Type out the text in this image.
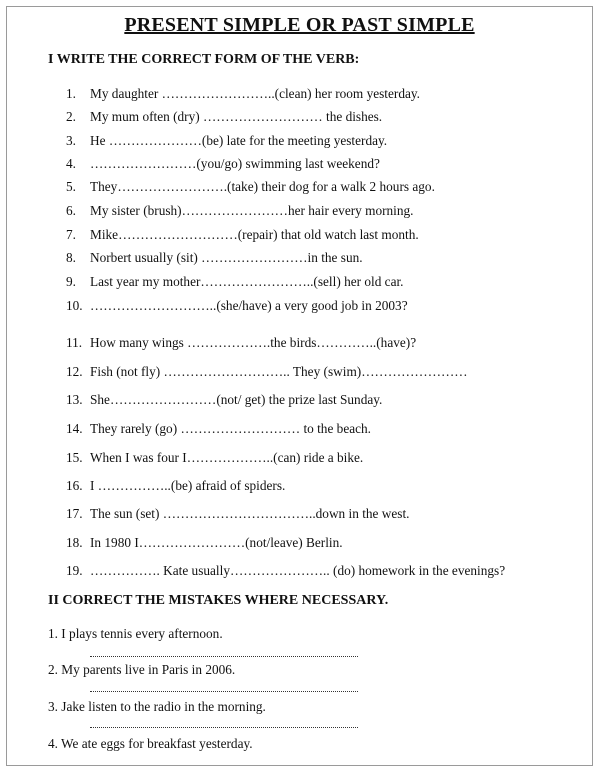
PRESENT SIMPLE OR PAST SIMPLE
I WRITE THE CORRECT FORM OF THE VERB:
1. My daughter ……………………..(clean) her room yesterday.
2. My mum often (dry) ……………………… the dishes.
3. He …………………(be) late for the meeting yesterday.
4. ……………………(you/go) swimming last weekend?
5. They…………………….(take) their dog for a walk 2 hours ago.
6. My sister (brush)……………………her hair every morning.
7. Mike………………………(repair) that old watch last month.
8. Norbert usually (sit) ……………………in the sun.
9. Last year my mother……………………..(sell) her old car.
10. ………………………..(she/have) a very good job in 2003?
11. How many wings ……………….the birds…………..(have)?
12. Fish (not fly) ……………………….. They (swim)……………………
13. She……………………(not/ get) the prize last Sunday.
14. They rarely (go) ……………………… to the beach.
15. When I was four I………………..(can) ride a bike.
16. I ……………..(be) afraid of spiders.
17. The sun (set) ……………………………..down in the west.
18. In 1980 I……………………(not/leave) Berlin.
19. ……………. Kate usually………………….. (do) homework in the evenings?
II CORRECT THE MISTAKES WHERE NECESSARY.
1. I plays tennis every afternoon.
2. My parents live in Paris in 2006.
3. Jake listen to the radio in the morning.
4. We ate eggs for breakfast yesterday.
